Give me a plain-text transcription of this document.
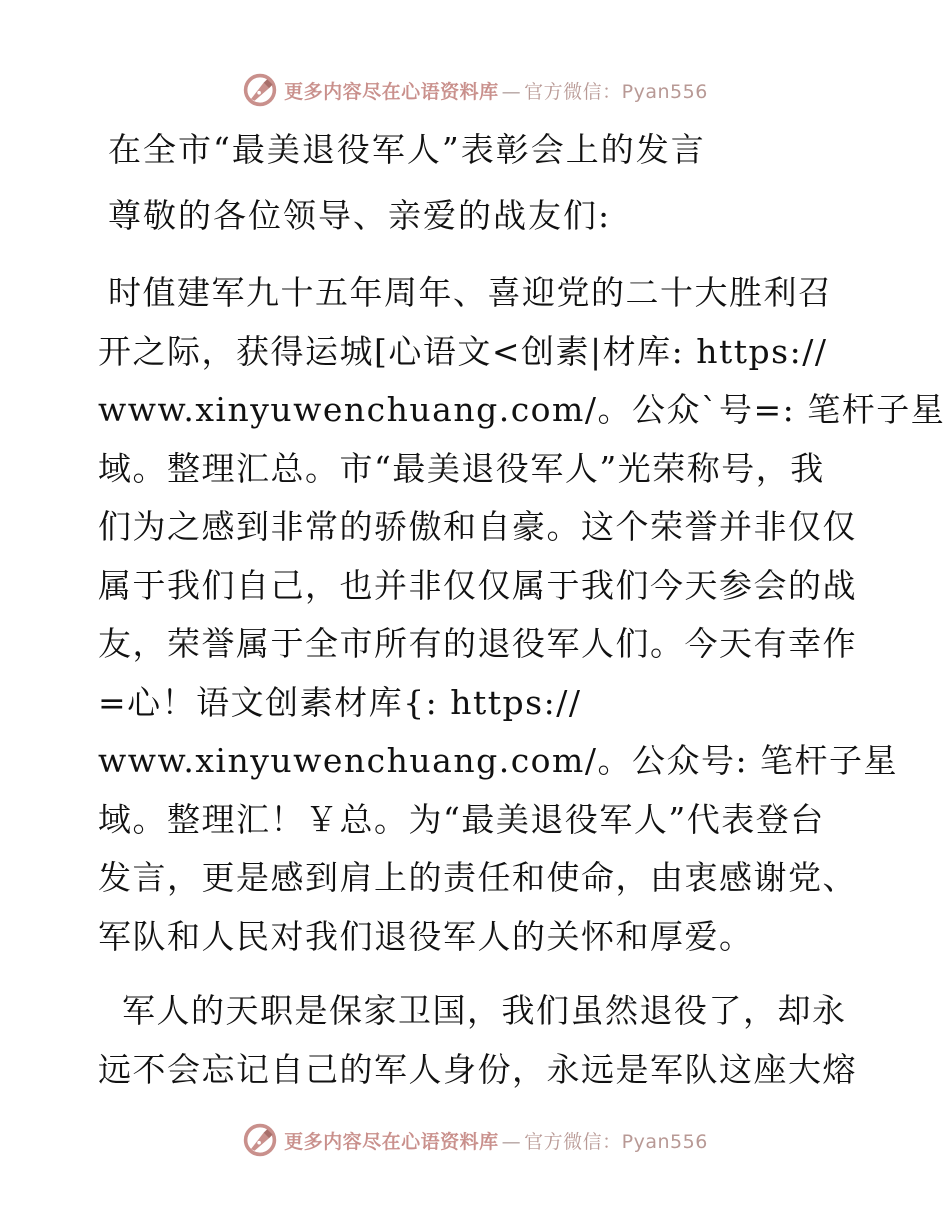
更多内容尽在心语资料库 — 官方微信：Pyan556
在全市“最美退役军人”表彰会上的发言
尊敬的各位领导、亲爱的战友们:
时值建军九十五年周年、喜迎党的二十大胜利召
开之际，获得运城[心语文<创素|材库: https://
www.xinyuwenchuang.com/。公众`号=: 笔杆子星
域。整理汇总。市“最美退役军人”光荣称号，我
们为之感到非常的骄傲和自豪。这个荣誉并非仅仅
属于我们自己，也并非仅仅属于我们今天参会的战
友，荣誉属于全市所有的退役军人们。今天有幸作
=心！语文创素材库{: https://
www.xinyuwenchuang.com/。公众号: 笔杆子星
域。整理汇！￥总。为“最美退役军人”代表登台
发言，更是感到肩上的责任和使命，由衷感谢党、
军队和人民对我们退役军人的关怀和厚爱。
军人的天职是保家卫国，我们虽然退役了，却永
远不会忘记自己的军人身份，永远是军队这座大熔
更多内容尽在心语资料库 — 官方微信：Pyan556
